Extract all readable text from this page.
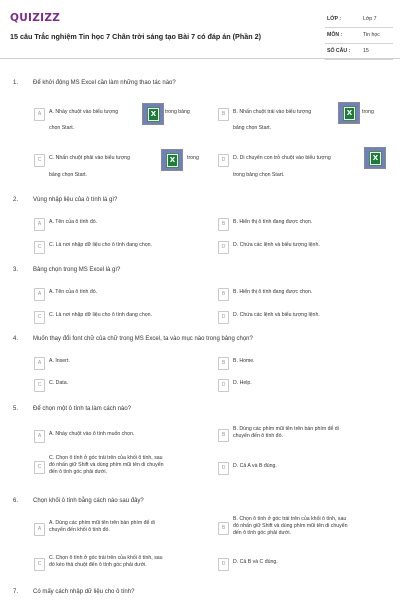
QUIZIZZ
15 câu Trắc nghiệm Tin học 7 Chân trời sáng tạo Bài 7 có đáp án (Phần 2)
LỚP :	Lớp 7
MÔN :	Tin học
SỐ CÂU : 15
1. Để khởi động MS Excel cần làm những thao tác nào?
A	A. Nháy chuột vào biểu tượng	trong bảng
chọn Start.
X	B	B. Nhấn chuột trái vào biểu tượng	trong
bảng chọn Start.
X
C	C. Nhấn chuột phải vào biểu tượng	trong
bảng chọn Start.
X	D	D. Di chuyển con trỏ chuột vào biểu tượng
trong bảng chọn Start.
X
2. Vùng nhập liệu của ô tính là gì?
A	A. Tên của ô tính đó.	B	B. Hiển thị ô tính đang được chọn.
C	C. Là nơi nhập dữ liệu cho ô tính đang chọn.	D	D. Chứa các lệnh và biểu tượng lệnh.
3. Bảng chọn trong MS Excel là gì?
A	A. Tên của ô tính đó.	B	B. Hiển thị ô tính đang được chọn.
C	C. Là nơi nhập dữ liệu cho ô tính đang chọn.	D	D. Chứa các lệnh và biểu tượng lệnh.
4. Muốn thay đổi font chữ của chữ trong MS Excel, ta vào mục nào trong bảng chọn?
A	A. Insert.	B	B. Home.
C	C. Data.	D	D. Help.
5. Để chọn một ô tính ta làm cách nào?
A	A. Nháy chuột vào ô tính muốn chọn.	B
B. Dùng các phím mũi tên trên bàn phím để di
chuyển đến ô tính đó.
C
C. Chọn ô tính ở góc trái trên của khối ô tính, sau
đó nhấn giữ Shift và dùng phím mũi tên di chuyển
đến ô tính góc phải dưới.
D	D. Cả A và B đúng.
6. Chọn khối ô tính bằng cách nào sau đây?
A
A. Dùng các phím mũi tên trên bàn phím để di
chuyển đến khối ô tính đó.	B
B. Chọn ô tính ở góc trái trên của khối ô tính, sau
đó nhấn giữ Shift và dùng phím mũi tên di chuyển
đến ô tính góc phải dưới.
C
C. Chọn ô tính ở góc trái trên của khối ô tính, sau
đó kéo thả chuột đến ô tính góc phải dưới.	D	D. Cả B và C đúng.
7. Có mấy cách nhập dữ liệu cho ô tính?
